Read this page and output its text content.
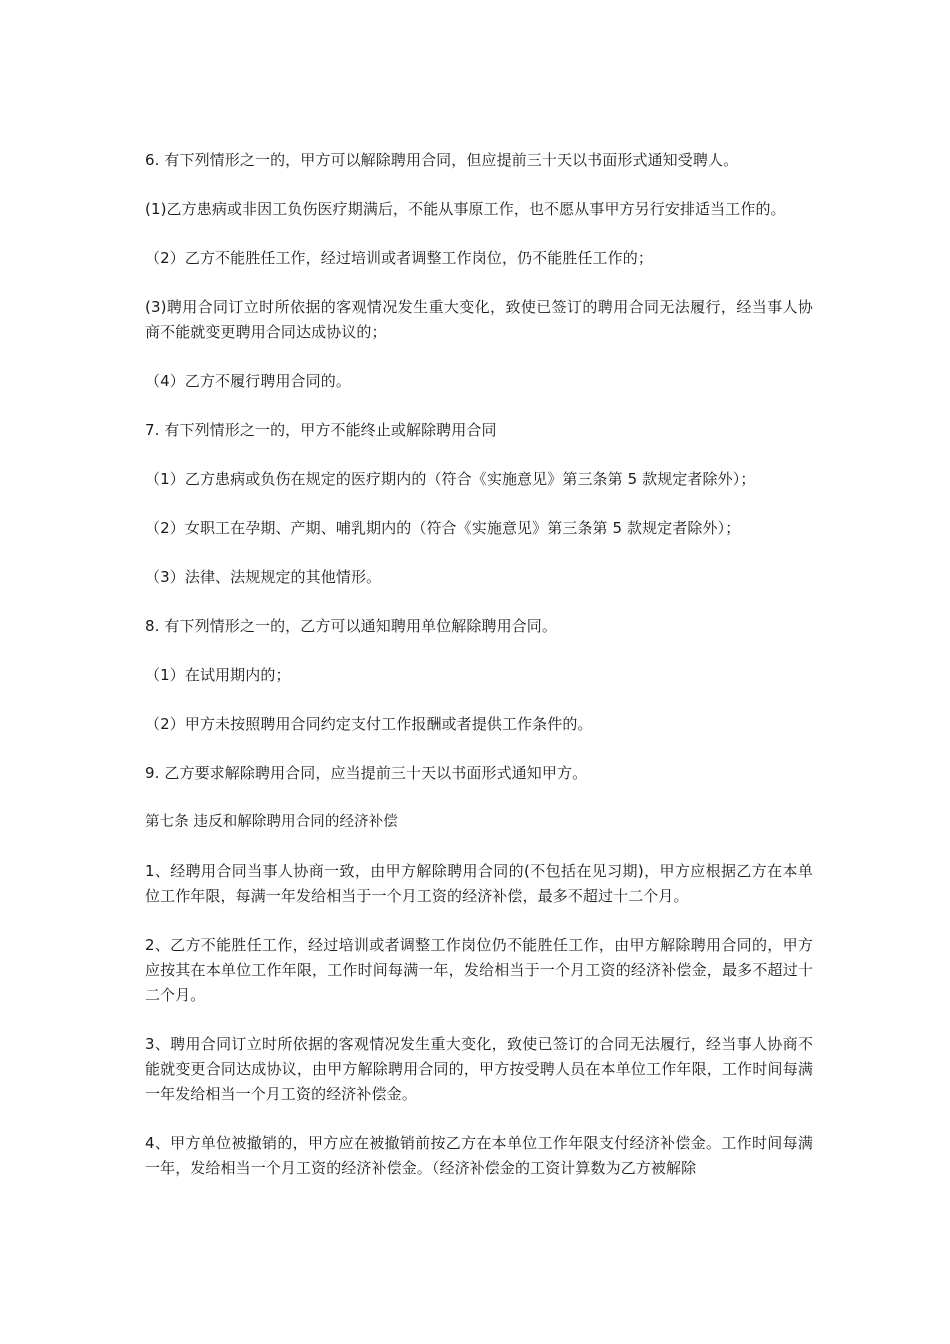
6. 有下列情形之一的，甲方可以解除聘用合同，但应提前三十天以书面形式通知受聘人。

(1)乙方患病或非因工负伤医疗期满后，不能从事原工作，也不愿从事甲方另行安排适当工作的。

（2）乙方不能胜任工作，经过培训或者调整工作岗位，仍不能胜任工作的；

(3)聘用合同订立时所依据的客观情况发生重大变化，致使已签订的聘用合同无法履行，经当事人协商不能就变更聘用合同达成协议的；

（4）乙方不履行聘用合同的。

7. 有下列情形之一的，甲方不能终止或解除聘用合同

（1）乙方患病或负伤在规定的医疗期内的（符合《实施意见》第三条第 5 款规定者除外）；

（2）女职工在孕期、产期、哺乳期内的（符合《实施意见》第三条第 5 款规定者除外）；

（3）法律、法规规定的其他情形。

8. 有下列情形之一的，乙方可以通知聘用单位解除聘用合同。

（1）在试用期内的；

（2）甲方未按照聘用合同约定支付工作报酬或者提供工作条件的。

9. 乙方要求解除聘用合同，应当提前三十天以书面形式通知甲方。

第七条 违反和解除聘用合同的经济补偿

1、经聘用合同当事人协商一致，由甲方解除聘用合同的(不包括在见习期)，甲方应根据乙方在本单位工作年限，每满一年发给相当于一个月工资的经济补偿，最多不超过十二个月。

2、乙方不能胜任工作，经过培训或者调整工作岗位仍不能胜任工作，由甲方解除聘用合同的，甲方应按其在本单位工作年限，工作时间每满一年，发给相当于一个月工资的经济补偿金，最多不超过十二个月。

3、聘用合同订立时所依据的客观情况发生重大变化，致使已签订的合同无法履行，经当事人协商不能就变更合同达成协议，由甲方解除聘用合同的，甲方按受聘人员在本单位工作年限，工作时间每满一年发给相当一个月工资的经济补偿金。

4、甲方单位被撤销的，甲方应在被撤销前按乙方在本单位工作年限支付经济补偿金。工作时间每满一年，发给相当一个月工资的经济补偿金。（经济补偿金的工资计算数为乙方被解除
